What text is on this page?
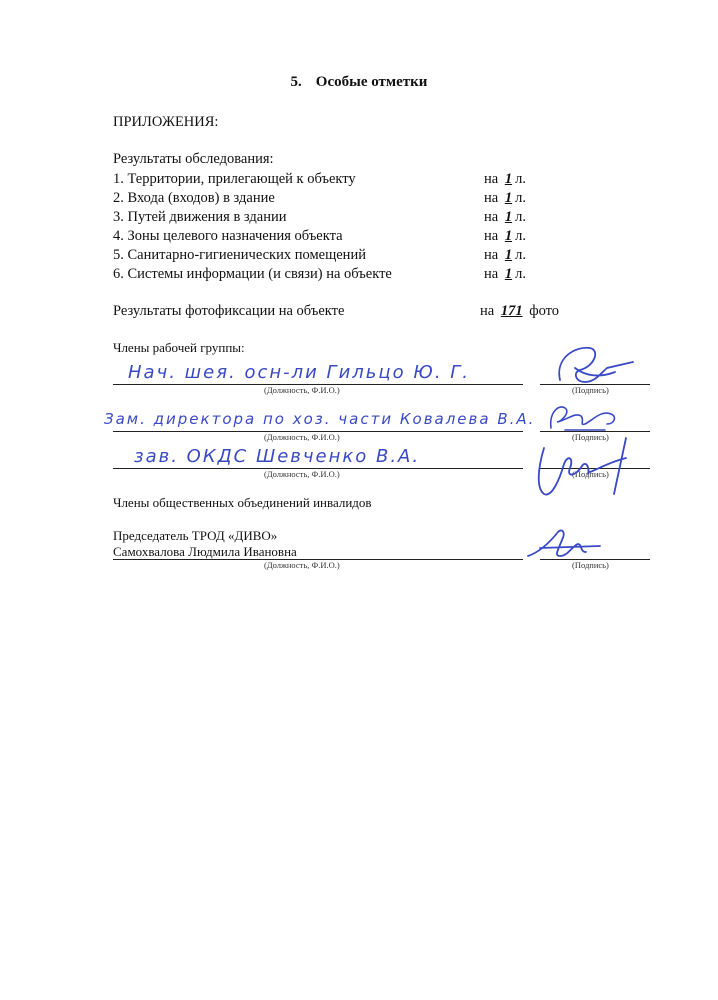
5. Особые отметки
ПРИЛОЖЕНИЯ:
Результаты обследования:
1. Территории, прилегающей к объекту	на 1 л.
2. Входа (входов) в здание	на 1 л.
3. Путей движения в здании	на 1 л.
4. Зоны целевого назначения объекта	на 1 л.
5. Санитарно-гигиенических помещений	на 1 л.
6. Системы информации (и связи) на объекте	на 1 л.
Результаты фотофиксации на объекте	на 171 фото
Члены рабочей группы:
Нач. шея. осн-ли Гильцо Ю. Г.
(Должность, Ф.И.О.)	(Подпись)
Зам. директора по хоз. части Ковалева В.А.
(Должность, Ф.И.О.)	(Подпись)
зав. ОКДС Шевченко В.А.
(Должность, Ф.И.О.)	(Подпись)
Члены общественных объединений инвалидов
Председатель ТРОД «ДИВО»
Самохвалова Людмила Ивановна
(Должность, Ф.И.О.)	(Подпись)
